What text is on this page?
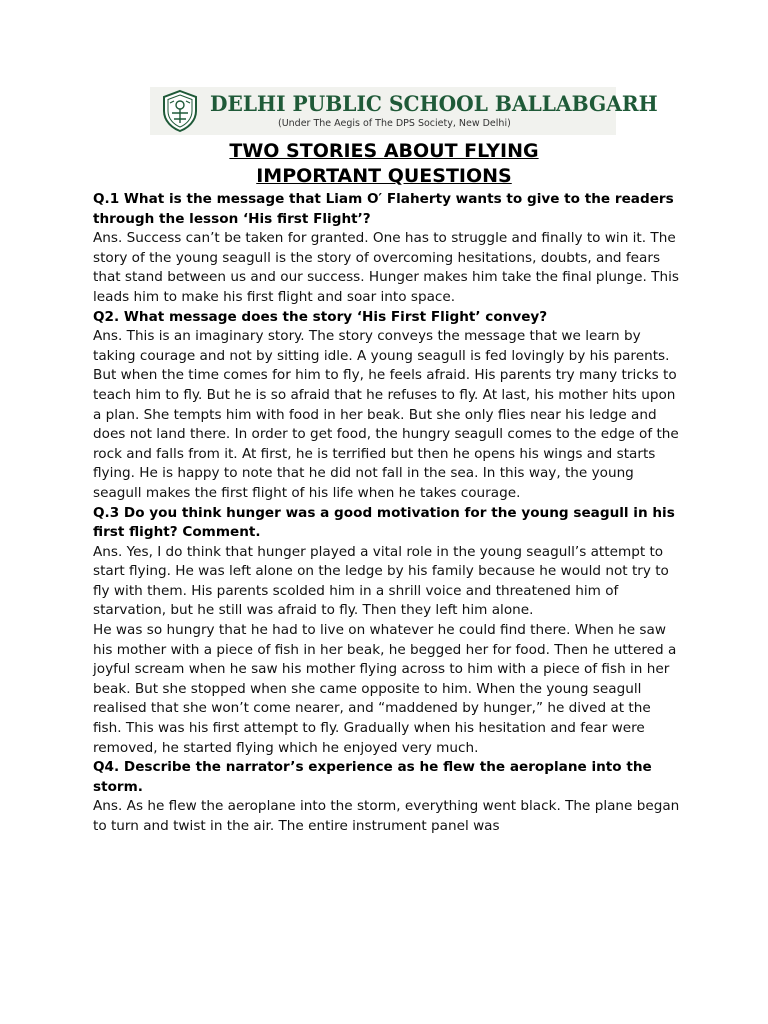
DELHI PUBLIC SCHOOL BALLABGARH
(Under The Aegis of The DPS Society, New Delhi)
TWO STORIES ABOUT FLYING
IMPORTANT QUESTIONS

Q.1 What is the message that Liam O′ Flaherty wants to give to the readers through the lesson ‘His first Flight’?

Ans. Success can’t be taken for granted. One has to struggle and finally to win it. The story of the young seagull is the story of overcoming hesitations, doubts, and fears that stand between us and our success. Hunger makes him take the final plunge. This leads him to make his first flight and soar into space.

Q2. What message does the story ‘His First Flight’ convey?

Ans. This is an imaginary story. The story conveys the message that we learn by taking courage and not by sitting idle. A young seagull is fed lovingly by his parents. But when the time comes for him to fly, he feels afraid. His parents try many tricks to teach him to fly. But he is so afraid that he refuses to fly. At last, his mother hits upon a plan. She tempts him with food in her beak. But she only flies near his ledge and does not land there. In order to get food, the hungry seagull comes to the edge of the rock and falls from it. At first, he is terrified but then he opens his wings and starts flying. He is happy to note that he did not fall in the sea. In this way, the young seagull makes the first flight of his life when he takes courage.

Q.3 Do you think hunger was a good motivation for the young seagull in his first flight? Comment.

Ans. Yes, I do think that hunger played a vital role in the young seagull’s attempt to start flying. He was left alone on the ledge by his family because he would not try to fly with them. His parents scolded him in a shrill voice and threatened him of starvation, but he still was afraid to fly. Then they left him alone.

He was so hungry that he had to live on whatever he could find there. When he saw his mother with a piece of fish in her beak, he begged her for food. Then he uttered a joyful scream when he saw his mother flying across to him with a piece of fish in her beak. But she stopped when she came opposite to him. When the young seagull realised that she won’t come nearer, and “maddened by hunger,” he dived at the fish. This was his first attempt to fly. Gradually when his hesitation and fear were removed, he started flying which he enjoyed very much.

Q4. Describe the narrator’s experience as he flew the aeroplane into the storm.

Ans. As he flew the aeroplane into the storm, everything went black. The plane began to turn and twist in the air. The entire instrument panel was
